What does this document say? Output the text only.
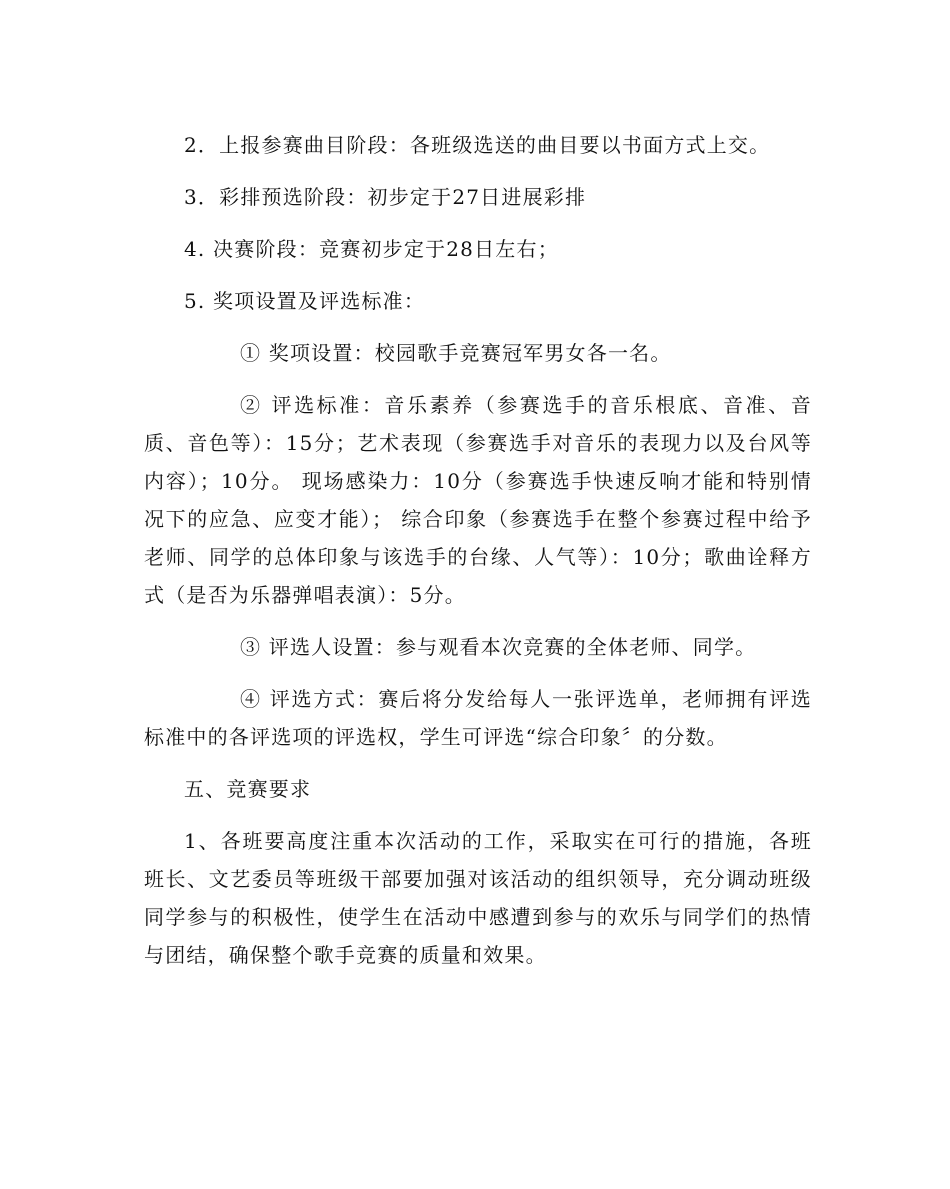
2．上报参赛曲目阶段：各班级选送的曲目要以书面方式上交。

3．彩排预选阶段：初步定于27日进展彩排

4. 决赛阶段：竞赛初步定于28日左右；

5. 奖项设置及评选标准：

① 奖项设置：校园歌手竞赛冠军男女各一名。

② 评选标准：音乐素养（参赛选手的音乐根底、音准、音质、音色等）：15分；艺术表现（参赛选手对音乐的表现力以及台风等内容）；10分。 现场感染力：10分（参赛选手快速反响才能和特别情况下的应急、应变才能）； 综合印象（参赛选手在整个参赛过程中给予老师、同学的总体印象与该选手的台缘、人气等）：10分；歌曲诠释方式（是否为乐器弹唱表演）：5分。

③ 评选人设置：参与观看本次竞赛的全体老师、同学。

④ 评选方式：赛后将分发给每人一张评选单，老师拥有评选标准中的各评选项的评选权，学生可评选“综合印象〞的分数。

五、竞赛要求

1、各班要高度注重本次活动的工作，采取实在可行的措施，各班班长、文艺委员等班级干部要加强对该活动的组织领导，充分调动班级同学参与的积极性，使学生在活动中感遭到参与的欢乐与同学们的热情与团结，确保整个歌手竞赛的质量和效果。
